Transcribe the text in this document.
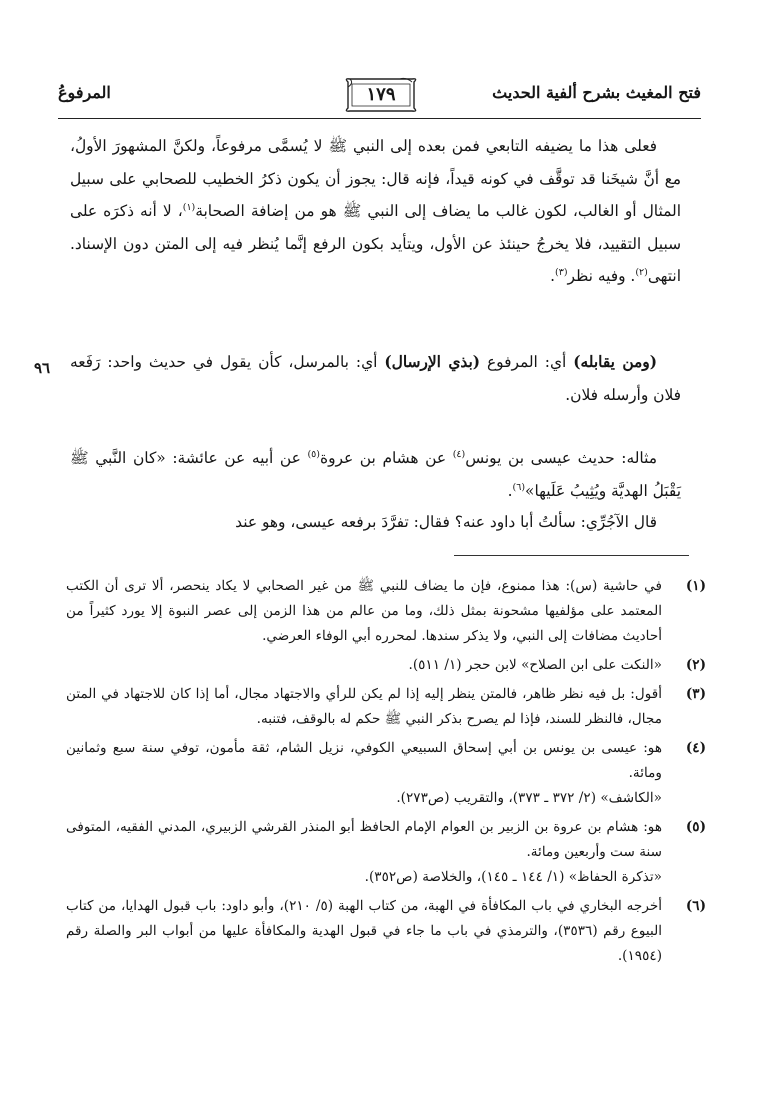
فتح المغيث بشرح ألفية الحديث
١٧٩
المرفوعُ

فعلى هذا ما يضيفه التابعي فمن بعده إلى النبي ﷺ لا يُسمَّى مرفوعاً، ولكنَّ المشهورَ الأولُ، مع أنَّ شيخَنا قد توقَّف في كونه قيداً، فإنه قال: يجوز أن يكون ذكرُ الخطيب للصحابي على سبيل المثال أو الغالب، لكون غالب ما يضاف إلى النبي ﷺ هو من إضافة الصحابة$^{(١)}$، لا أنه ذكرَه على سبيل التقييد، فلا يخرجُ حينئذ عن الأول، ويتأيد بكون الرفع إنَّما يُنظر فيه إلى المتن دون الإسناد. انتهى$^{(٢)}$. وفيه نظر$^{(٣)}$.

٩٦	(ومن يقابله) أي: المرفوع (بذي الإرسال) أي: بالمرسل، كأن يقول في حديث واحد: رَفَعه فلان وأرسله فلان.

مثاله: حديث عيسى بن يونس$^{(٤)}$ عن هشام بن عروة$^{(٥)}$ عن أبيه عن عائشة: «كان النَّبي ﷺ يَقْبَلُ الهديَّة ويُثِيبُ عَلَيها»$^{(٦)}$.

قال الآجُرِّي: سألتُ أبا داود عنه؟ فقال: تفرَّدَ برفعه عيسى، وهو عند

(١)
في حاشية (س): هذا ممنوع، فإن ما يضاف للنبي ﷺ من غير الصحابي لا يكاد ينحصر، ألا ترى أن الكتب المعتمد على مؤلفيها مشحونة بمثل ذلك، وما من عالم من هذا الزمن إلى عصر النبوة إلا يورد كثيراً من أحاديث مضافات إلى النبي، ولا يذكر سندها. لمحرره أبي الوفاء العرضي.
(٢)
«النكت على ابن الصلاح» لابن حجر (١/ ٥١١).
(٣)
أقول: بل فيه نظر ظاهر، فالمتن ينظر إليه إذا لم يكن للرأي والاجتهاد مجال، أما إذا كان للاجتهاد في المتن مجال، فالنظر للسند، فإذا لم يصرح بذكر النبي ﷺ حكم له بالوقف، فتنبه.
(٤)
هو: عيسى بن يونس بن أبي إسحاق السبيعي الكوفي، نزيل الشام، ثقة مأمون، توفي سنة سبع وثمانين ومائة.
«الكاشف» (٢/ ٣٧٢ ـ ٣٧٣)، والتقريب (ص٢٧٣).
(٥)
هو: هشام بن عروة بن الزبير بن العوام الإمام الحافظ أبو المنذر القرشي الزبيري، المدني الفقيه، المتوفى سنة ست وأربعين ومائة.
«تذكرة الحفاظ» (١/ ١٤٤ ـ ١٤٥)، والخلاصة (ص٣٥٢).
(٦)
أخرجه البخاري في باب المكافأة في الهبة، من كتاب الهبة (٥/ ٢١٠)، وأبو داود: باب قبول الهدايا، من كتاب البيوع رقم (٣٥٣٦)، والترمذي في باب ما جاء في قبول الهدية والمكافأة عليها من أبواب البر والصلة رقم (١٩٥٤).
